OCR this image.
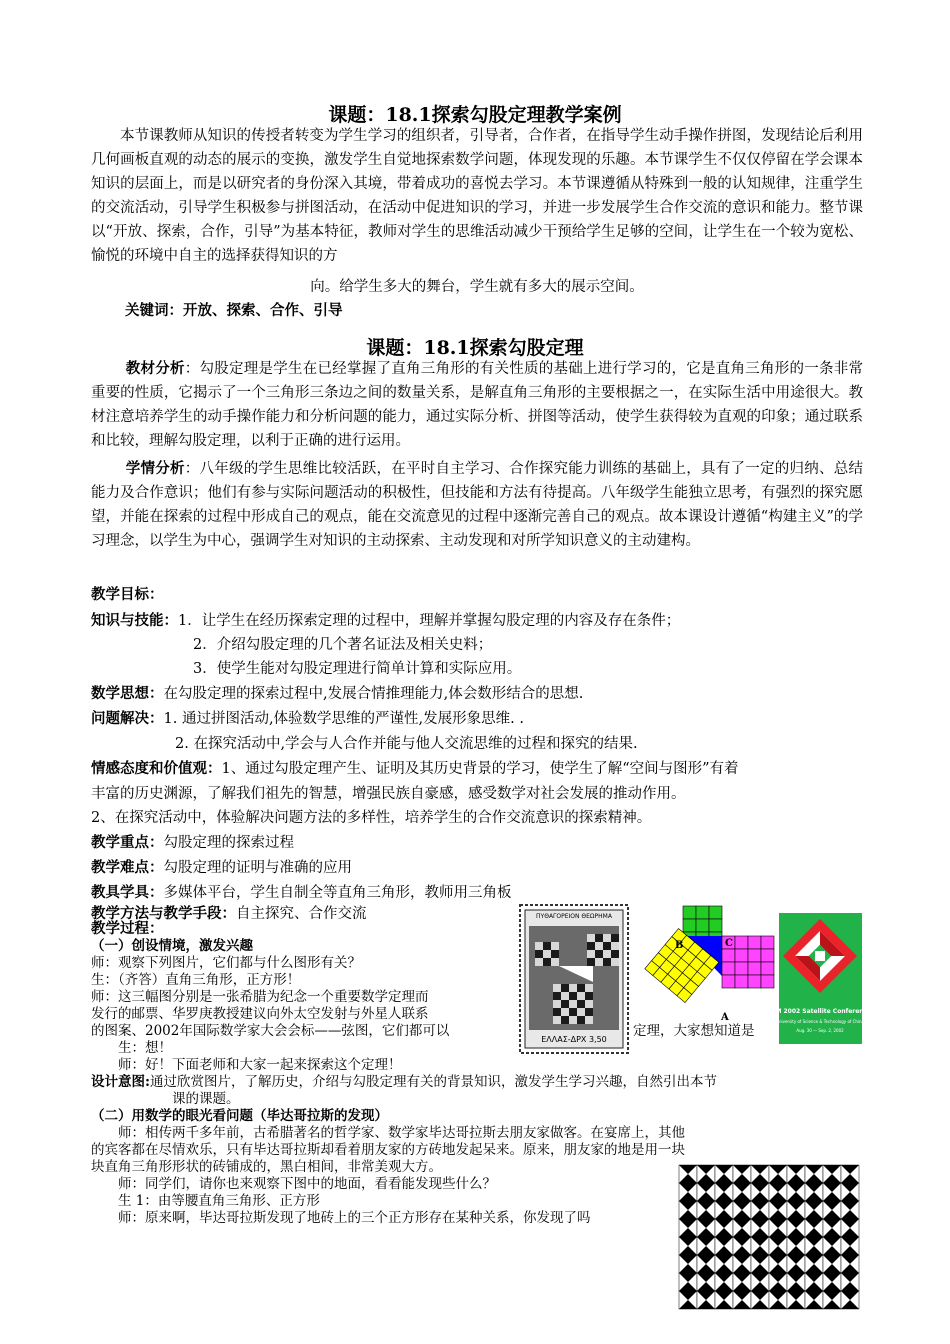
课题：18.1探索勾股定理教学案例
本节课教师从知识的传授者转变为学生学习的组织者，引导者，合作者，在指导学生动手操作拼图，发现结论后利用几何画板直观的动态的展示的变换，激发学生自觉地探索数学问题，体现发现的乐趣。本节课学生不仅仅停留在学会课本知识的层面上，而是以研究者的身份深入其境，带着成功的喜悦去学习。本节课遵循从特殊到一般的认知规律，注重学生的交流活动，引导学生积极参与拼图活动，在活动中促进知识的学习，并进一步发展学生合作交流的意识和能力。整节课以“开放、探索，合作，引导”为基本特征，教师对学生的思维活动减少干预给学生足够的空间，让学生在一个较为宽松、愉悦的环境中自主的选择获得知识的方
向。给学生多大的舞台，学生就有多大的展示空间。
关键词：开放、探索、合作、引导
课题：18.1探索勾股定理
教材分析：勾股定理是学生在已经掌握了直角三角形的有关性质的基础上进行学习的，它是直角三角形的一条非常重要的性质，它揭示了一个三角形三条边之间的数量关系，是解直角三角形的主要根据之一，在实际生活中用途很大。教材注意培养学生的动手操作能力和分析问题的能力，通过实际分析、拼图等活动，使学生获得较为直观的印象；通过联系和比较，理解勾股定理，以利于正确的进行运用。
学情分析：八年级的学生思维比较活跃，在平时自主学习、合作探究能力训练的基础上，具有了一定的归纳、总结能力及合作意识；他们有参与实际问题活动的积极性，但技能和方法有待提高。八年级学生能独立思考，有强烈的探究愿望，并能在探索的过程中形成自己的观点，能在交流意见的过程中逐渐完善自己的观点。故本课设计遵循“构建主义”的学习理念，以学生为中心，强调学生对知识的主动探索、主动发现和对所学知识意义的主动建构。
教学目标：
知识与技能：1．让学生在经历探索定理的过程中，理解并掌握勾股定理的内容及存在条件；
2．介绍勾股定理的几个著名证法及相关史料；
3．使学生能对勾股定理进行简单计算和实际应用。
数学思想：在勾股定理的探索过程中,发展合情推理能力,体会数形结合的思想.
问题解决：1. 通过拼图活动,体验数学思维的严谨性,发展形象思维. .
2. 在探究活动中,学会与人合作并能与他人交流思维的过程和探究的结果.
情感态度和价值观：1、通过勾股定理产生、证明及其历史背景的学习，使学生了解“空间与图形”有着
丰富的历史渊源，了解我们祖先的智慧，增强民族自豪感，感受数学对社会发展的推动作用。
2、在探究活动中，体验解决问题方法的多样性，培养学生的合作交流意识的探索精神。
教学重点：勾股定理的探索过程
教学难点：勾股定理的证明与准确的应用
教具学具：多媒体平台，学生自制全等直角三角形，教师用三角板
教学方法与教学手段：自主探究、合作交流
教学过程：
（一）创设情境，激发兴趣
师：观察下列图片，它们都与什么图形有关？
生：（齐答）直角三角形，正方形！
师：这三幅图分别是一张希腊为纪念一个重要数学定理而
发行的邮票、华罗庚教授建议向外太空发射与外星人联系
的图案、2002年国际数学家大会会标——弦图，它们都可以	定理，大家想知道是
生：想！
师：好！下面老师和大家一起来探索这个定理！
设计意图:通过欣赏图片，了解历史，介绍与勾股定理有关的背景知识，激发学生学习兴趣，自然引出本节
课的课题。
（二）用数学的眼光看问题（毕达哥拉斯的发现）
师：相传两千多年前，古希腊著名的哲学家、数学家毕达哥拉斯去朋友家做客。在宴席上，其他
的宾客都在尽情欢乐，只有毕达哥拉斯却看着朋友家的方砖地发起呆来。原来，朋友家的地是用一块
块直角三角形形状的砖铺成的，黑白相间，非常美观大方。
师：同学们，请你也来观察下图中的地面，看看能发现些什么？
生 1：由等腰直角三角形、正方形
师：原来啊，毕达哥拉斯发现了地砖上的三个正方形存在某种关系，你发现了吗
ΠΥΘΑΓΟΡΕΙΟΝ ΘΕΩΡΗΜΑ
ΕΛΛΑΣ-ΔΡΧ 3,50
B	C
A
ICM 2002 Satellite Conference
University of Science & Technology of China
Aug. 30 — Sep. 2, 2002
